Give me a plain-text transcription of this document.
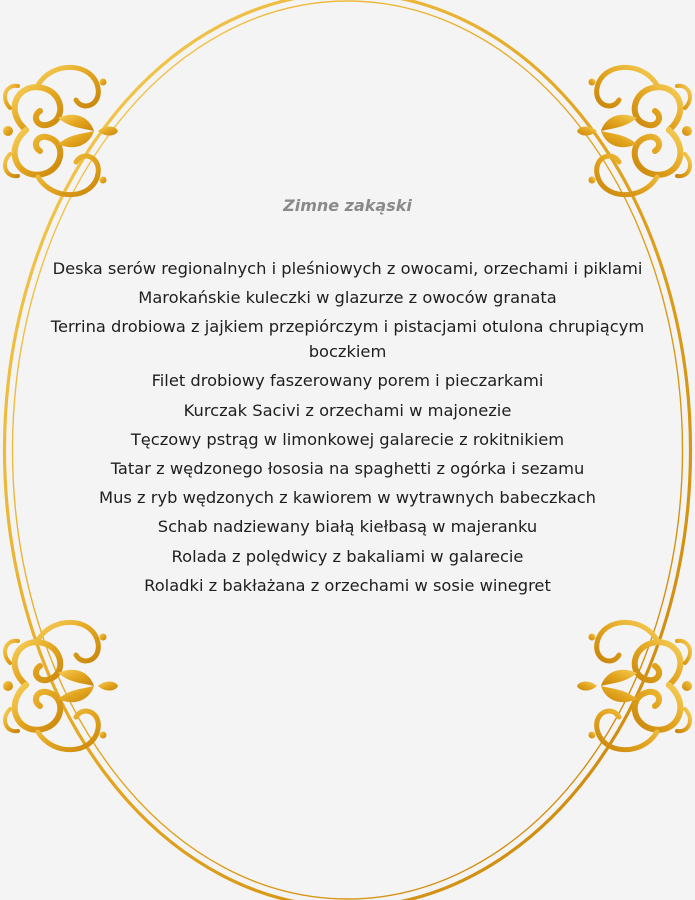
Zimne zakąski
Deska serów regionalnych i pleśniowych z owocami, orzechami i piklami
Marokańskie kuleczki w glazurze z owoców granata
Terrina drobiowa z jajkiem przepiórczym i pistacjami otulona chrupiącym boczkiem
Filet drobiowy faszerowany porem i pieczarkami
Kurczak Sacivi z orzechami w majonezie
Tęczowy pstrąg w limonkowej galarecie z rokitnikiem
Tatar z wędzonego łososia na spaghetti z ogórka i sezamu
Mus z ryb wędzonych z kawiorem w wytrawnych babeczkach
Schab nadziewany białą kiełbasą w majeranku
Rolada z polędwicy z bakaliami w galarecie
Roladki z bakłażana z orzechami w sosie winegret
